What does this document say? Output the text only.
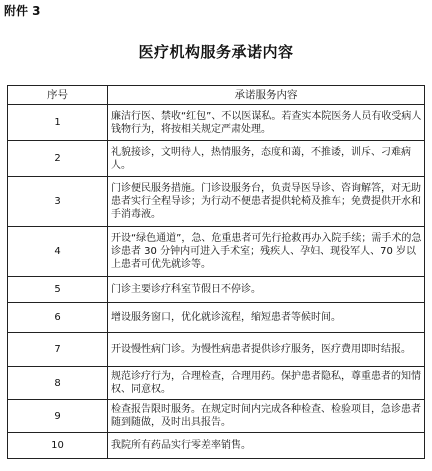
附件 3
医疗机构服务承诺内容
序号	承诺服务内容
1	廉洁行医、禁收“红包”、不以医谋私。若查实本院医务人员有收受病人钱物行为，将按相关规定严肃处理。
2	礼貌接诊，文明待人，热情服务，态度和蔼，不推诿，训斥、刁难病人。
3	门诊便民服务措施。门诊设服务台，负责导医导诊、咨询解答，对无助患者实行全程导诊；为行动不便患者提供轮椅及推车；免费提供开水和手消毒液。
4	开设“绿色通道”，急、危重患者可先行抢救再办入院手续；需手术的急诊患者 30 分钟内可进入手术室；残疾人、孕妇、现役军人、70 岁以上患者可优先就诊等。
5	门诊主要诊疗科室节假日不停诊。
6	增设服务窗口，优化就诊流程，缩短患者等候时间。
7	开设慢性病门诊。为慢性病患者提供诊疗服务，医疗费用即时结报。
8	规范诊疗行为，合理检查，合理用药。保护患者隐私，尊重患者的知情权、同意权。
9	检查报告限时服务。在规定时间内完成各种检查、检验项目，急诊患者随到随做，及时出具报告。
10	我院所有药品实行零差率销售。
